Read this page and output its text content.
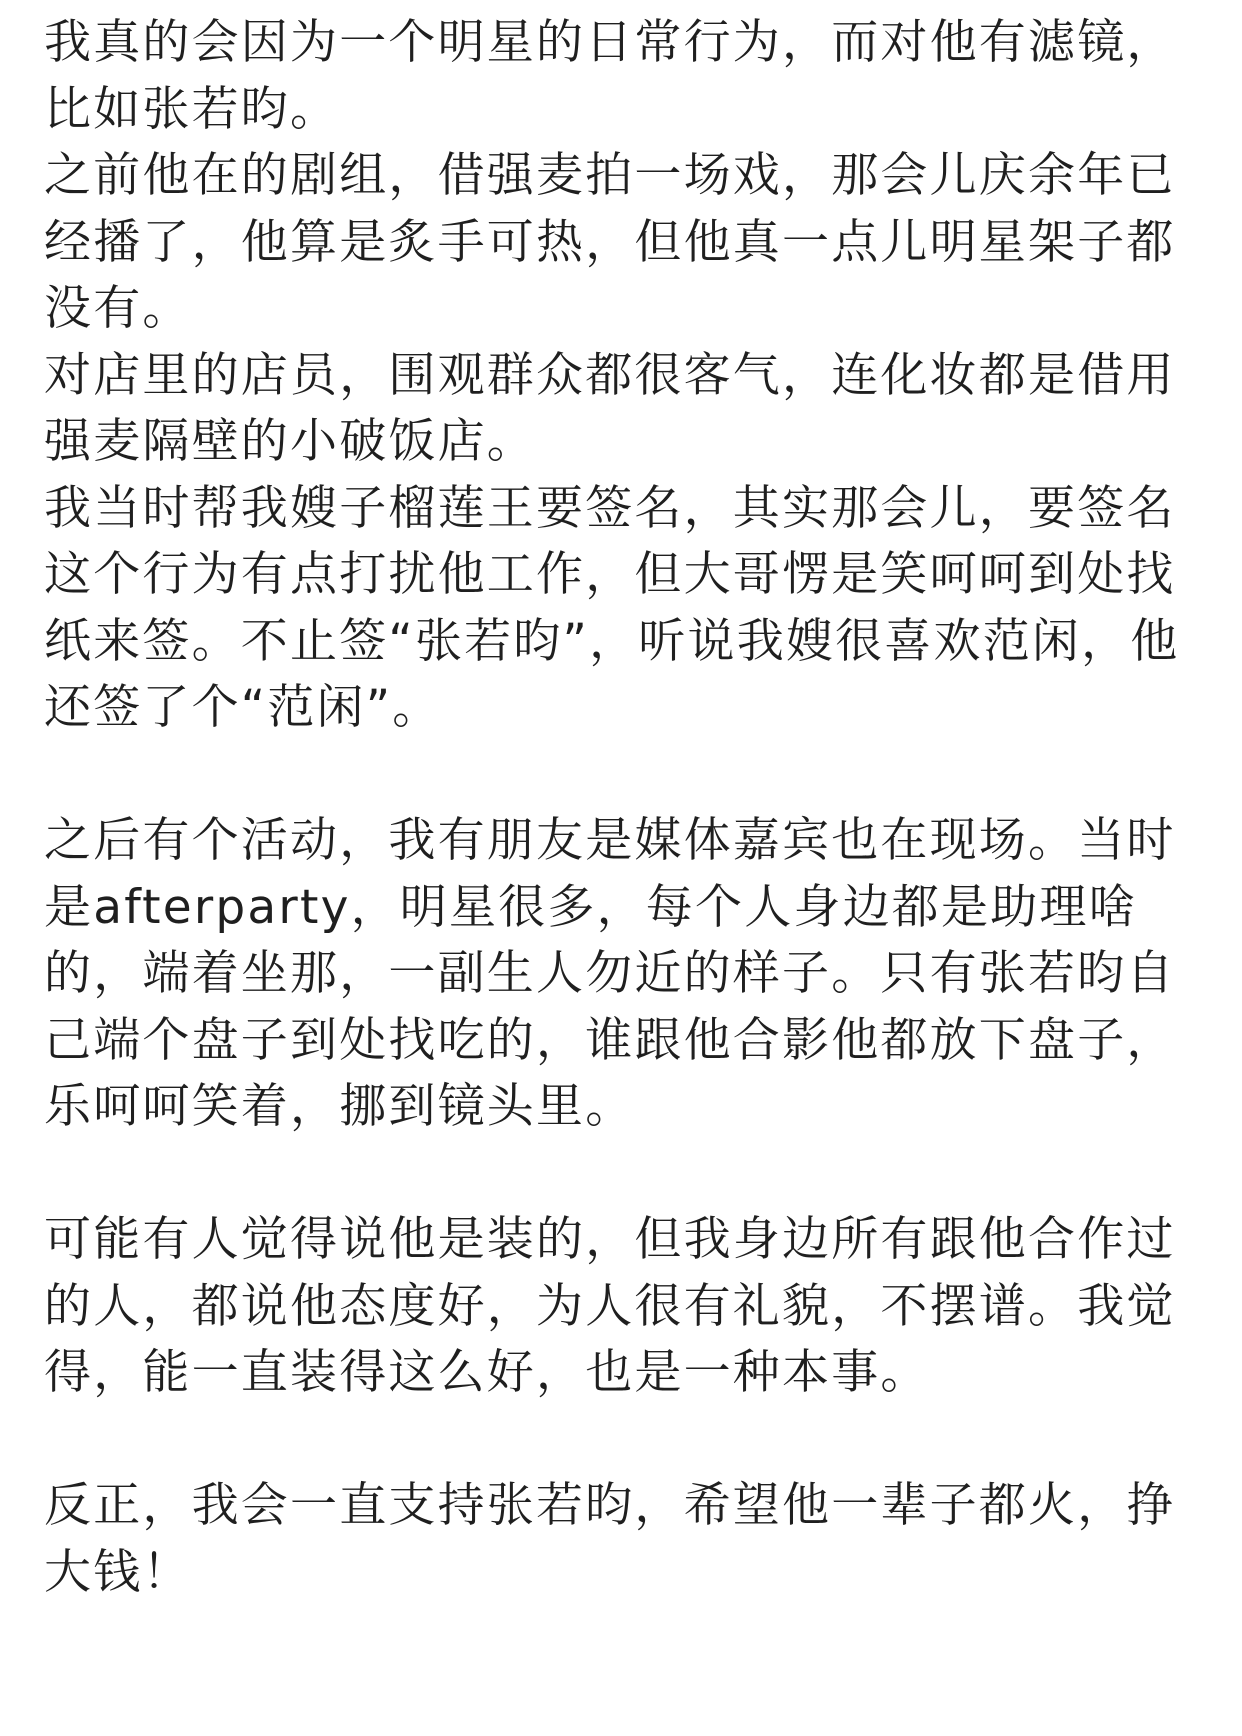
我真的会因为一个明星的日常行为，而对他有滤镜，比如张若昀。

之前他在的剧组，借强麦拍一场戏，那会儿庆余年已经播了，他算是炙手可热，但他真一点儿明星架子都没有。

对店里的店员，围观群众都很客气，连化妆都是借用强麦隔壁的小破饭店。

我当时帮我嫂子榴莲王要签名，其实那会儿，要签名这个行为有点打扰他工作，但大哥愣是笑呵呵到处找纸来签。不止签“张若昀”，听说我嫂很喜欢范闲，他还签了个“范闲”。

之后有个活动，我有朋友是媒体嘉宾也在现场。当时是afterparty，明星很多，每个人身边都是助理啥的，端着坐那，一副生人勿近的样子。只有张若昀自己端个盘子到处找吃的，谁跟他合影他都放下盘子，乐呵呵笑着，挪到镜头里。

可能有人觉得说他是装的，但我身边所有跟他合作过的人，都说他态度好，为人很有礼貌，不摆谱。我觉得，能一直装得这么好，也是一种本事。

反正，我会一直支持张若昀，希望他一辈子都火，挣大钱！
